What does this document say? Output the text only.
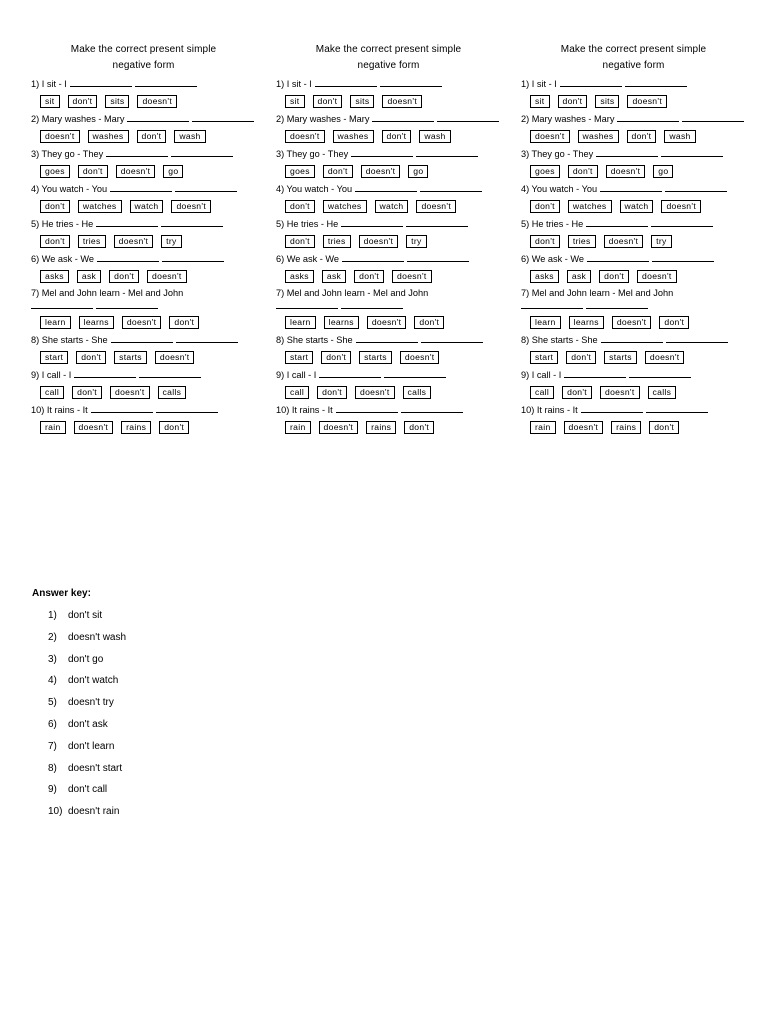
Make the correct present simple
negative form
1) I sit - I
sit	don't	sits	doesn't
2) Mary washes - Mary
doesn't	washes	don't	wash
3) They go - They
goes	don't	doesn't	go
4) You watch - You
don't	watches	watch	doesn't
5) He tries - He
don't	tries	doesn't	try
6) We ask - We
asks	ask	don't	doesn't
7) Mel and John learn - Mel and John
learn	learns	doesn't	don't
8) She starts - She
start	don't	starts	doesn't
9) I call - I
call	don't	doesn't	calls
10) It rains - It
rain	doesn't	rains	don't
Make the correct present simple
negative form
1) I sit - I
sit	don't	sits	doesn't
2) Mary washes - Mary
doesn't	washes	don't	wash
3) They go - They
goes	don't	doesn't	go
4) You watch - You
don't	watches	watch	doesn't
5) He tries - He
don't	tries	doesn't	try
6) We ask - We
asks	ask	don't	doesn't
7) Mel and John learn - Mel and John
learn	learns	doesn't	don't
8) She starts - She
start	don't	starts	doesn't
9) I call - I
call	don't	doesn't	calls
10) It rains - It
rain	doesn't	rains	don't
Make the correct present simple
negative form
1) I sit - I
sit	don't	sits	doesn't
2) Mary washes - Mary
doesn't	washes	don't	wash
3) They go - They
goes	don't	doesn't	go
4) You watch - You
don't	watches	watch	doesn't
5) He tries - He
don't	tries	doesn't	try
6) We ask - We
asks	ask	don't	doesn't
7) Mel and John learn - Mel and John
learn	learns	doesn't	don't
8) She starts - She
start	don't	starts	doesn't
9) I call - I
call	don't	doesn't	calls
10) It rains - It
rain	doesn't	rains	don't
Answer key:
1) don't sit
2) doesn't wash
3) don't go
4) don't watch
5) doesn't try
6) don't ask
7) don't learn
8) doesn't start
9) don't call
10) doesn't rain
